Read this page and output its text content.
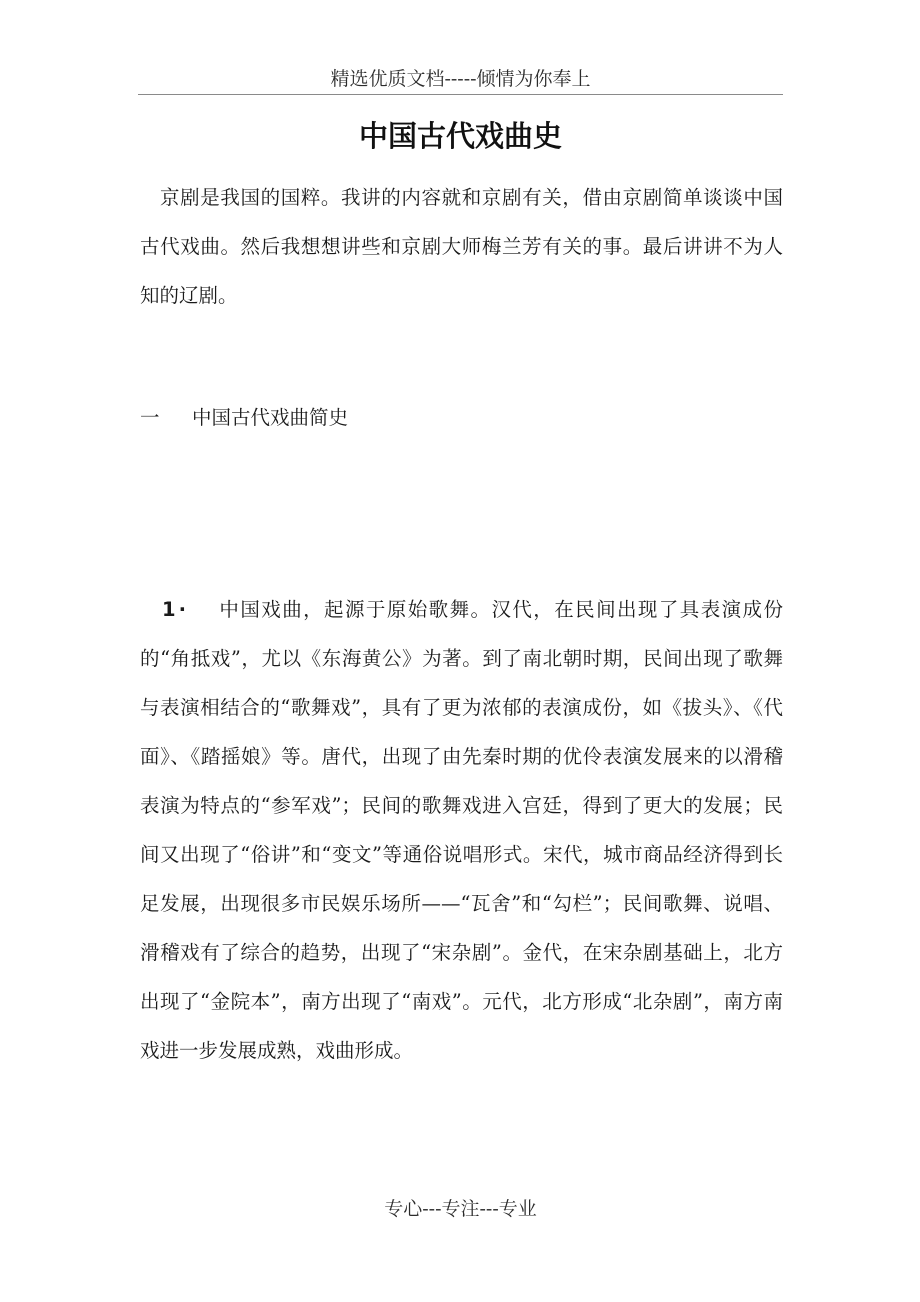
精选优质文档-----倾情为你奉上
中国古代戏曲史

京剧是我国的国粹。我讲的内容就和京剧有关，借由京剧简单谈谈中国古代戏曲。然后我想想讲些和京剧大师梅兰芳有关的事。最后讲讲不为人知的辽剧。

一 中国古代戏曲简史

1· 中国戏曲，起源于原始歌舞。汉代，在民间出现了具表演成份的“角抵戏”，尤以《东海黄公》为著。到了南北朝时期，民间出现了歌舞与表演相结合的“歌舞戏”，具有了更为浓郁的表演成份，如《拔头》、《代面》、《踏摇娘》等。唐代，出现了由先秦时期的优伶表演发展来的以滑稽表演为特点的“参军戏”；民间的歌舞戏进入宫廷，得到了更大的发展；民间又出现了“俗讲”和“变文”等通俗说唱形式。宋代，城市商品经济得到长足发展，出现很多市民娱乐场所——“瓦舍”和“勾栏”；民间歌舞、说唱、滑稽戏有了综合的趋势，出现了“宋杂剧”。金代，在宋杂剧基础上，北方出现了“金院本”，南方出现了“南戏”。元代，北方形成“北杂剧”，南方南戏进一步发展成熟，戏曲形成。

专心---专注---专业
